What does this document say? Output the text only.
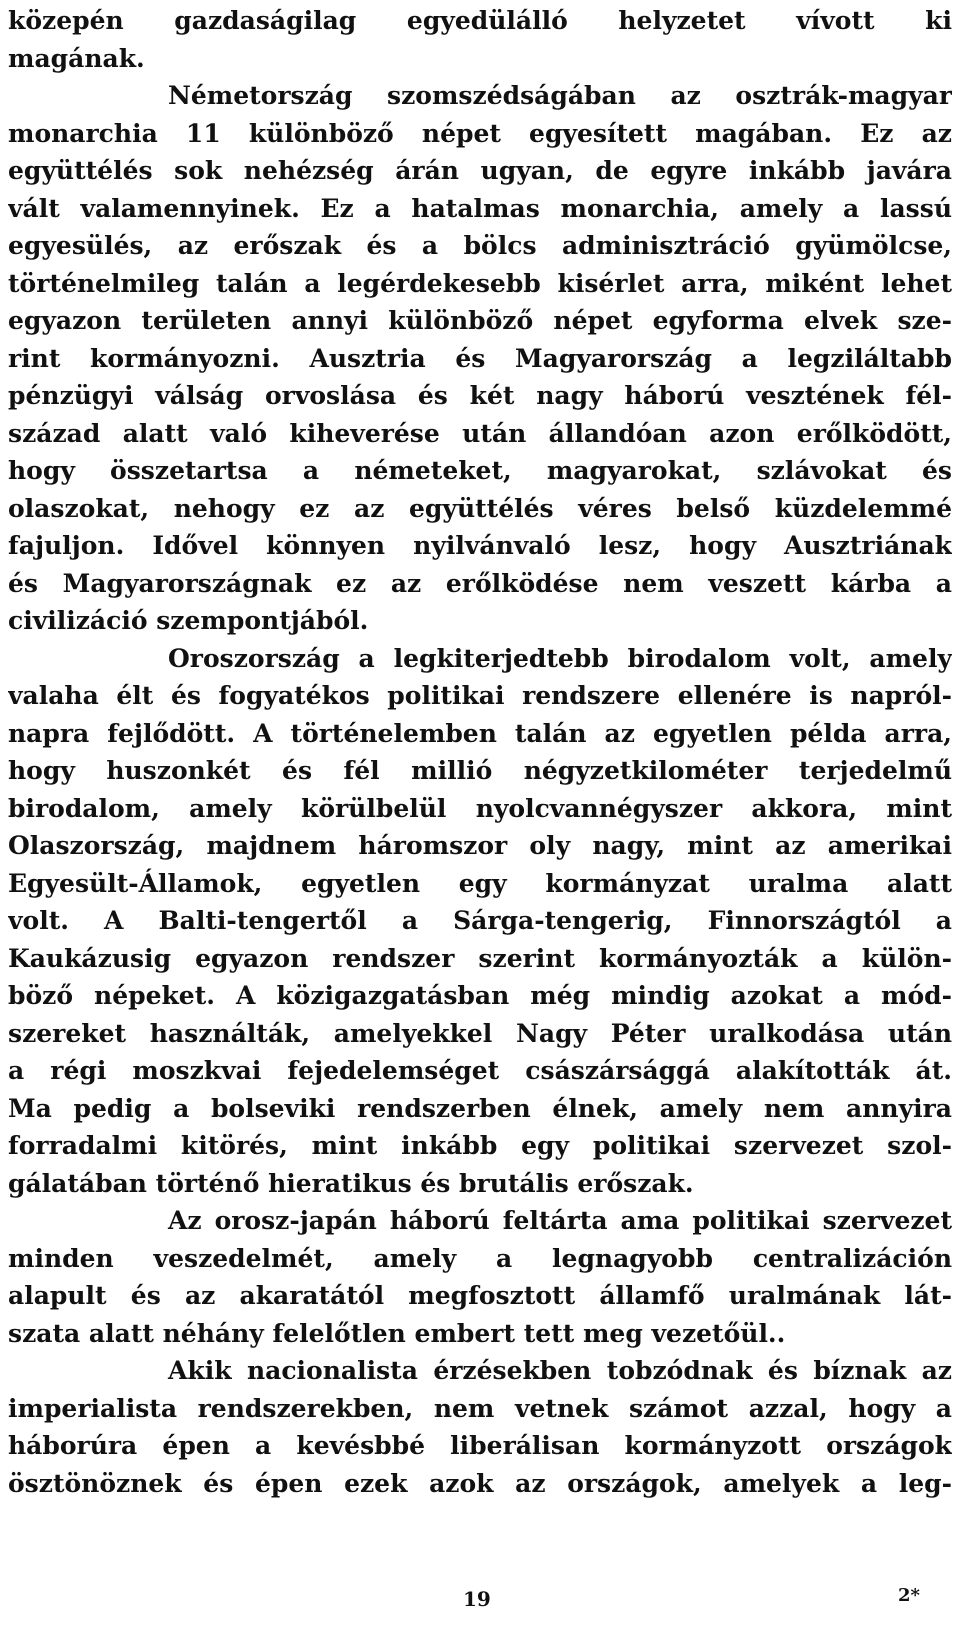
közepén gazdaságilag egyedülálló helyzetet vívott ki
magának.
Németország szomszédságában az osztrák-magyar
monarchia 11 különböző népet egyesített magában. Ez az
együttélés sok nehézség árán ugyan, de egyre inkább javára
vált valamennyinek. Ez a hatalmas monarchia, amely a lassú
egyesülés, az erőszak és a bölcs adminisztráció gyümölcse,
történelmileg talán a legérdekesebb kisérlet arra, miként lehet
egyazon területen annyi különböző népet egyforma elvek sze-
rint kormányozni. Ausztria és Magyarország a legziláltabb
pénzügyi válság orvoslása és két nagy háború vesztének fél-
század alatt való kiheverése után állandóan azon erőlködött,
hogy összetartsa a németeket, magyarokat, szlávokat és
olaszokat, nehogy ez az együttélés véres belső küzdelemmé
fajuljon. Idővel könnyen nyilvánvaló lesz, hogy Ausztriának
és Magyarországnak ez az erőlködése nem veszett kárba a
civilizáció szempontjából.
Oroszország a legkiterjedtebb birodalom volt, amely
valaha élt és fogyatékos politikai rendszere ellenére is napról-
napra fejlődött. A történelemben talán az egyetlen példa arra,
hogy huszonkét és fél millió négyzetkilométer terjedelmű
birodalom, amely körülbelül nyolcvannégyszer akkora, mint
Olaszország, majdnem háromszor oly nagy, mint az amerikai
Egyesült-Államok, egyetlen egy kormányzat uralma alatt
volt. A Balti-tengertől a Sárga-tengerig, Finnországtól a
Kaukázusig egyazon rendszer szerint kormányozták a külön-
böző népeket. A közigazgatásban még mindig azokat a mód-
szereket használták, amelyekkel Nagy Péter uralkodása után
a régi moszkvai fejedelemséget császársággá alakították át.
Ma pedig a bolseviki rendszerben élnek, amely nem annyira
forradalmi kitörés, mint inkább egy politikai szervezet szol-
gálatában történő hieratikus és brutális erőszak.
Az orosz-japán háború feltárta ama politikai szervezet
minden veszedelmét, amely a legnagyobb centralizáción
alapult és az akaratától megfosztott államfő uralmának lát-
szata alatt néhány felelőtlen embert tett meg vezetőül..
Akik nacionalista érzésekben tobzódnak és bíznak az
imperialista rendszerekben, nem vetnek számot azzal, hogy a
háborúra épen a kevésbbé liberálisan kormányzott országok
ösztönöznek és épen ezek azok az országok, amelyek a leg-
19	2*
